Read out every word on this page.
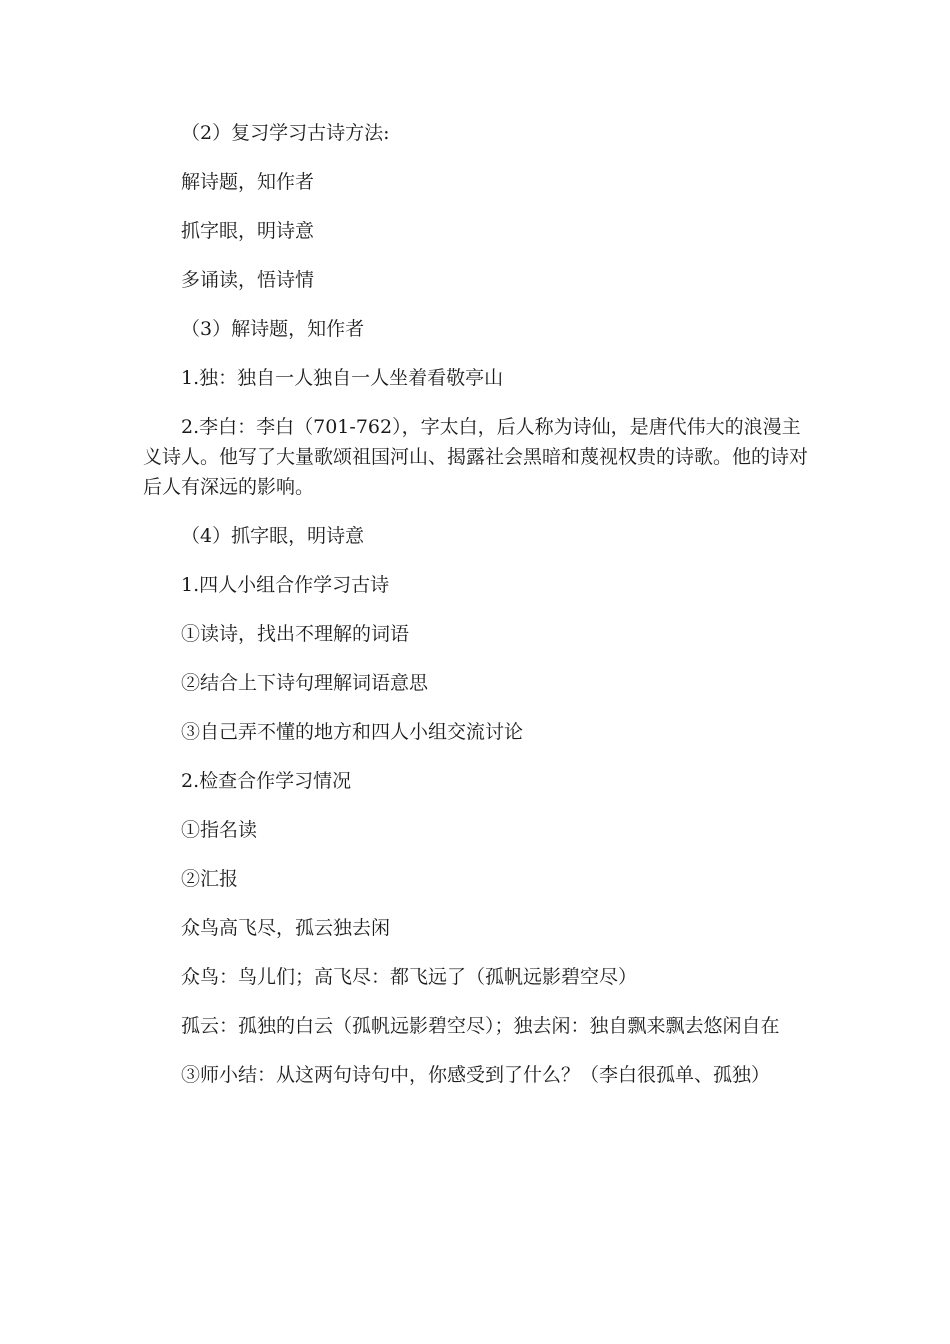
（2）复习学习古诗方法:

解诗题，知作者

抓字眼，明诗意

多诵读，悟诗情

（3）解诗题，知作者

1.独：独自一人独自一人坐着看敬亭山

2.李白：李白（701-762），字太白，后人称为诗仙，是唐代伟大的浪漫主义诗人。他写了大量歌颂祖国河山、揭露社会黑暗和蔑视权贵的诗歌。他的诗对后人有深远的影响。

（4）抓字眼，明诗意

1.四人小组合作学习古诗

①读诗，找出不理解的词语

②结合上下诗句理解词语意思

③自己弄不懂的地方和四人小组交流讨论

2.检查合作学习情况

①指名读

②汇报

众鸟高飞尽，孤云独去闲

众鸟：鸟儿们；高飞尽：都飞远了（孤帆远影碧空尽）

孤云：孤独的白云（孤帆远影碧空尽）；独去闲：独自飘来飘去悠闲自在

③师小结：从这两句诗句中，你感受到了什么？（李白很孤单、孤独）
